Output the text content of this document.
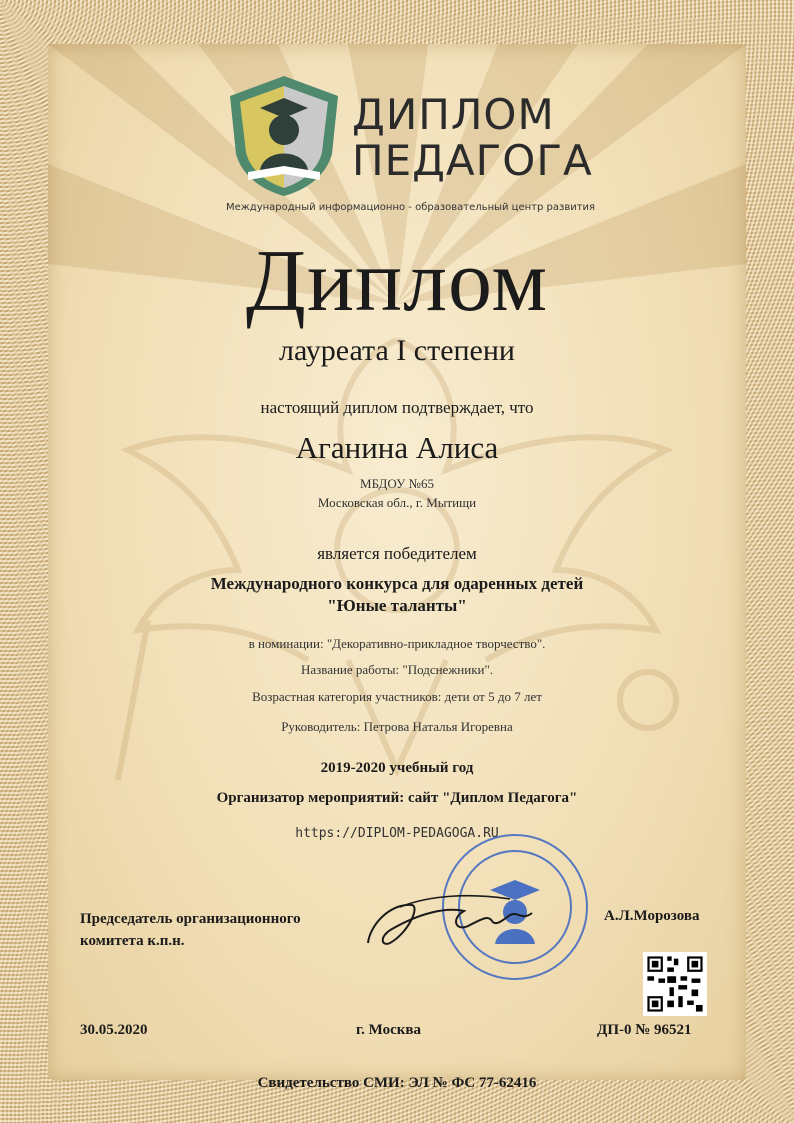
ДИПЛОМ
ПЕДАГОГА
Международный информационно - образовательный центр развития
Диплом
лауреата I степени
настоящий диплом подтверждает, что
Аганина Алиса
МБДОУ №65
Московская обл., г. Мытищи
является победителем
Международного конкурса для одаренных детей
"Юные таланты"
в номинации: "Декоративно-прикладное творчество".
Название работы: "Подснежники".
Возрастная категория участников: дети от 5 до 7 лет
Руководитель: Петрова Наталья Игоревна
2019-2020 учебный год
Организатор мероприятий: сайт "Диплом Педагога"
https://DIPLOM-PEDAGOGA.RU
Председатель организационного
комитета к.п.н.
А.Л.Морозова
30.05.2020	г. Москва	ДП-0 № 96521
Свидетельство СМИ: ЭЛ № ФС 77-62416
